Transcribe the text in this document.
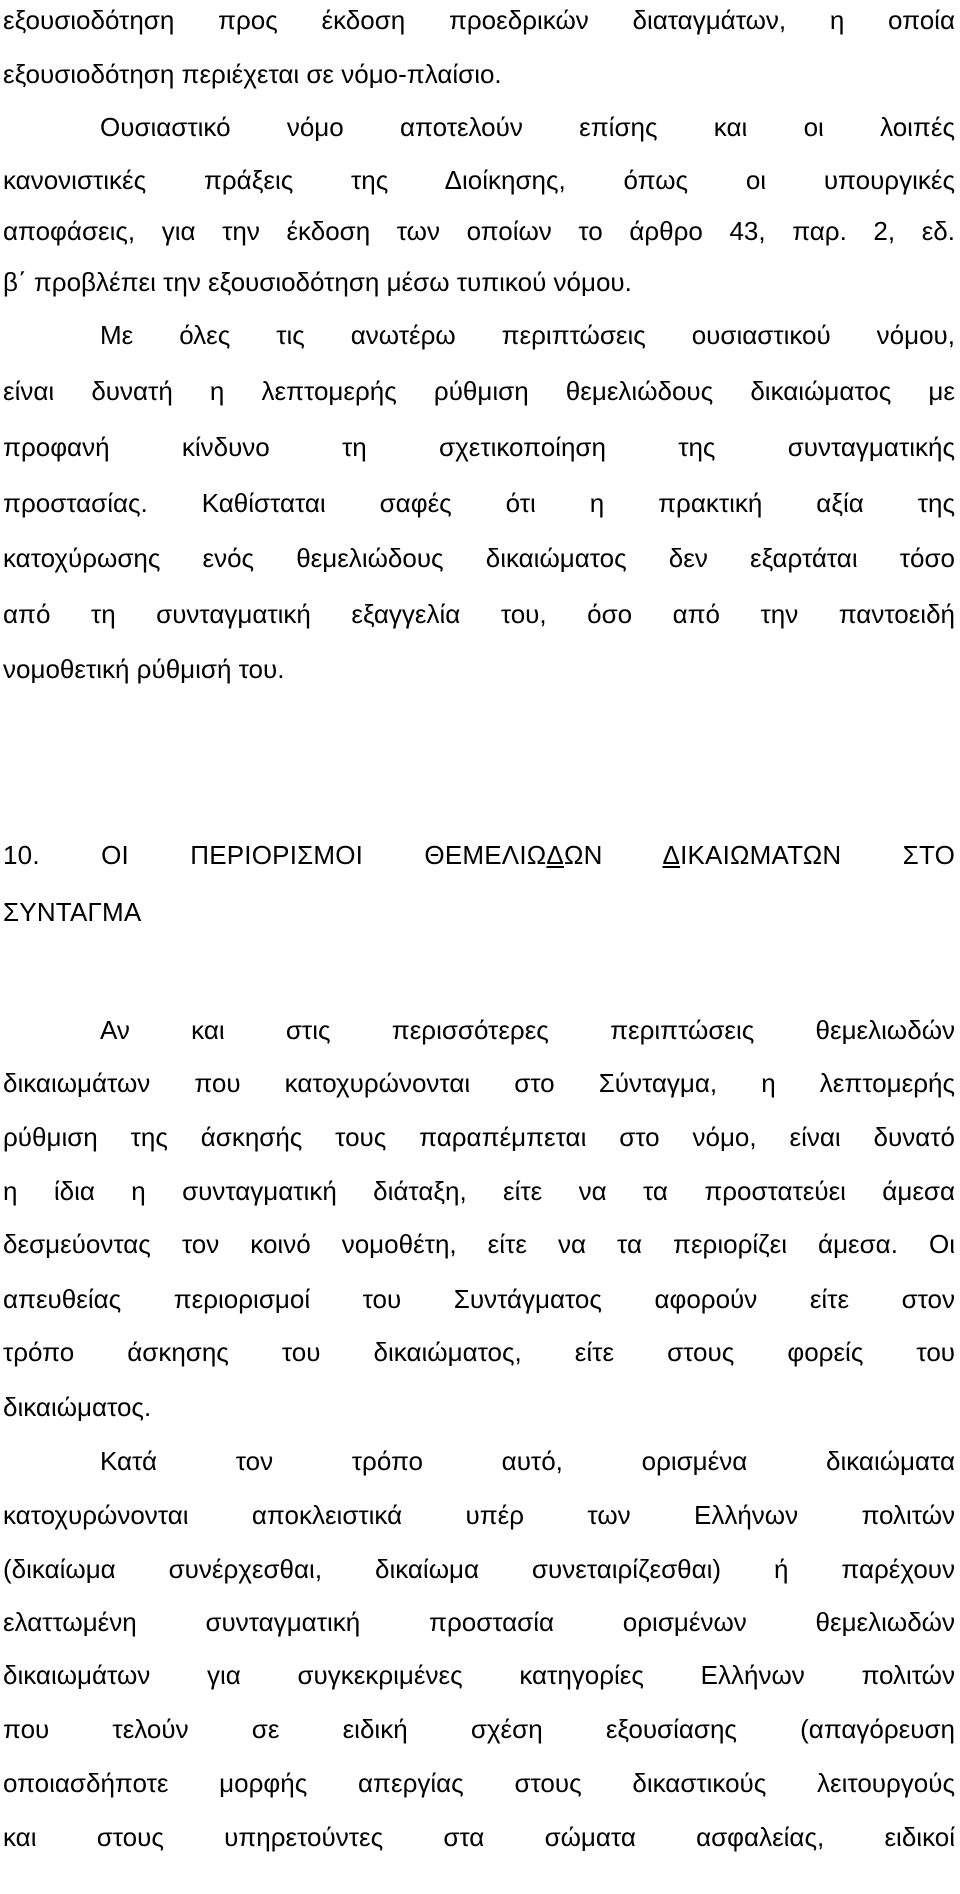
εξουσιοδότηση προς έκδοση προεδρικών διαταγμάτων, η οποία

εξουσιοδότηση περιέχεται σε νόμο-πλαίσιο.

Ουσιαστικό νόμο αποτελούν επίσης και οι λοιπές

κανονιστικές πράξεις της Διοίκησης, όπως οι υπουργικές

αποφάσεις, για την έκδοση των οποίων το άρθρο 43, παρ. 2, εδ.

β΄ προβλέπει την εξουσιοδότηση μέσω τυπικού νόμου.

Με όλες τις ανωτέρω περιπτώσεις ουσιαστικού νόμου,

είναι δυνατή η λεπτομερής ρύθμιση θεμελιώδους δικαιώματος με

προφανή κίνδυνο τη σχετικοποίηση της συνταγματικής

προστασίας. Καθίσταται σαφές ότι η πρακτική αξία της

κατοχύρωσης ενός θεμελιώδους δικαιώματος δεν εξαρτάται τόσο

από τη συνταγματική εξαγγελία του, όσο από την παντοειδή

νομοθετική ρύθμισή του.

10. ΟΙ ΠΕΡΙΟΡΙΣΜΟΙ ΘΕΜΕΛΙΩΔΩΝ ΔΙΚΑΙΩΜΑΤΩΝ ΣΤΟ

ΣΥΝΤΑΓΜΑ

Αν και στις περισσότερες περιπτώσεις θεμελιωδών

δικαιωμάτων που κατοχυρώνονται στο Σύνταγμα, η λεπτομερής

ρύθμιση της άσκησής τους παραπέμπεται στο νόμο, είναι δυνατό

η ίδια η συνταγματική διάταξη, είτε να τα προστατεύει άμεσα

δεσμεύοντας τον κοινό νομοθέτη, είτε να τα περιορίζει άμεσα. Οι

απευθείας περιορισμοί του Συντάγματος αφορούν είτε στον

τρόπο άσκησης του δικαιώματος, είτε στους φορείς του

δικαιώματος.

Κατά τον τρόπο αυτό, ορισμένα δικαιώματα

κατοχυρώνονται αποκλειστικά υπέρ των Ελλήνων πολιτών

(δικαίωμα συνέρχεσθαι, δικαίωμα συνεταιρίζεσθαι) ή παρέχουν

ελαττωμένη συνταγματική προστασία ορισμένων θεμελιωδών

δικαιωμάτων για συγκεκριμένες κατηγορίες Ελλήνων πολιτών

που τελούν σε ειδική σχέση εξουσίασης (απαγόρευση

οποιασδήποτε μορφής απεργίας στους δικαστικούς λειτουργούς

και στους υπηρετούντες στα σώματα ασφαλείας, ειδικοί
